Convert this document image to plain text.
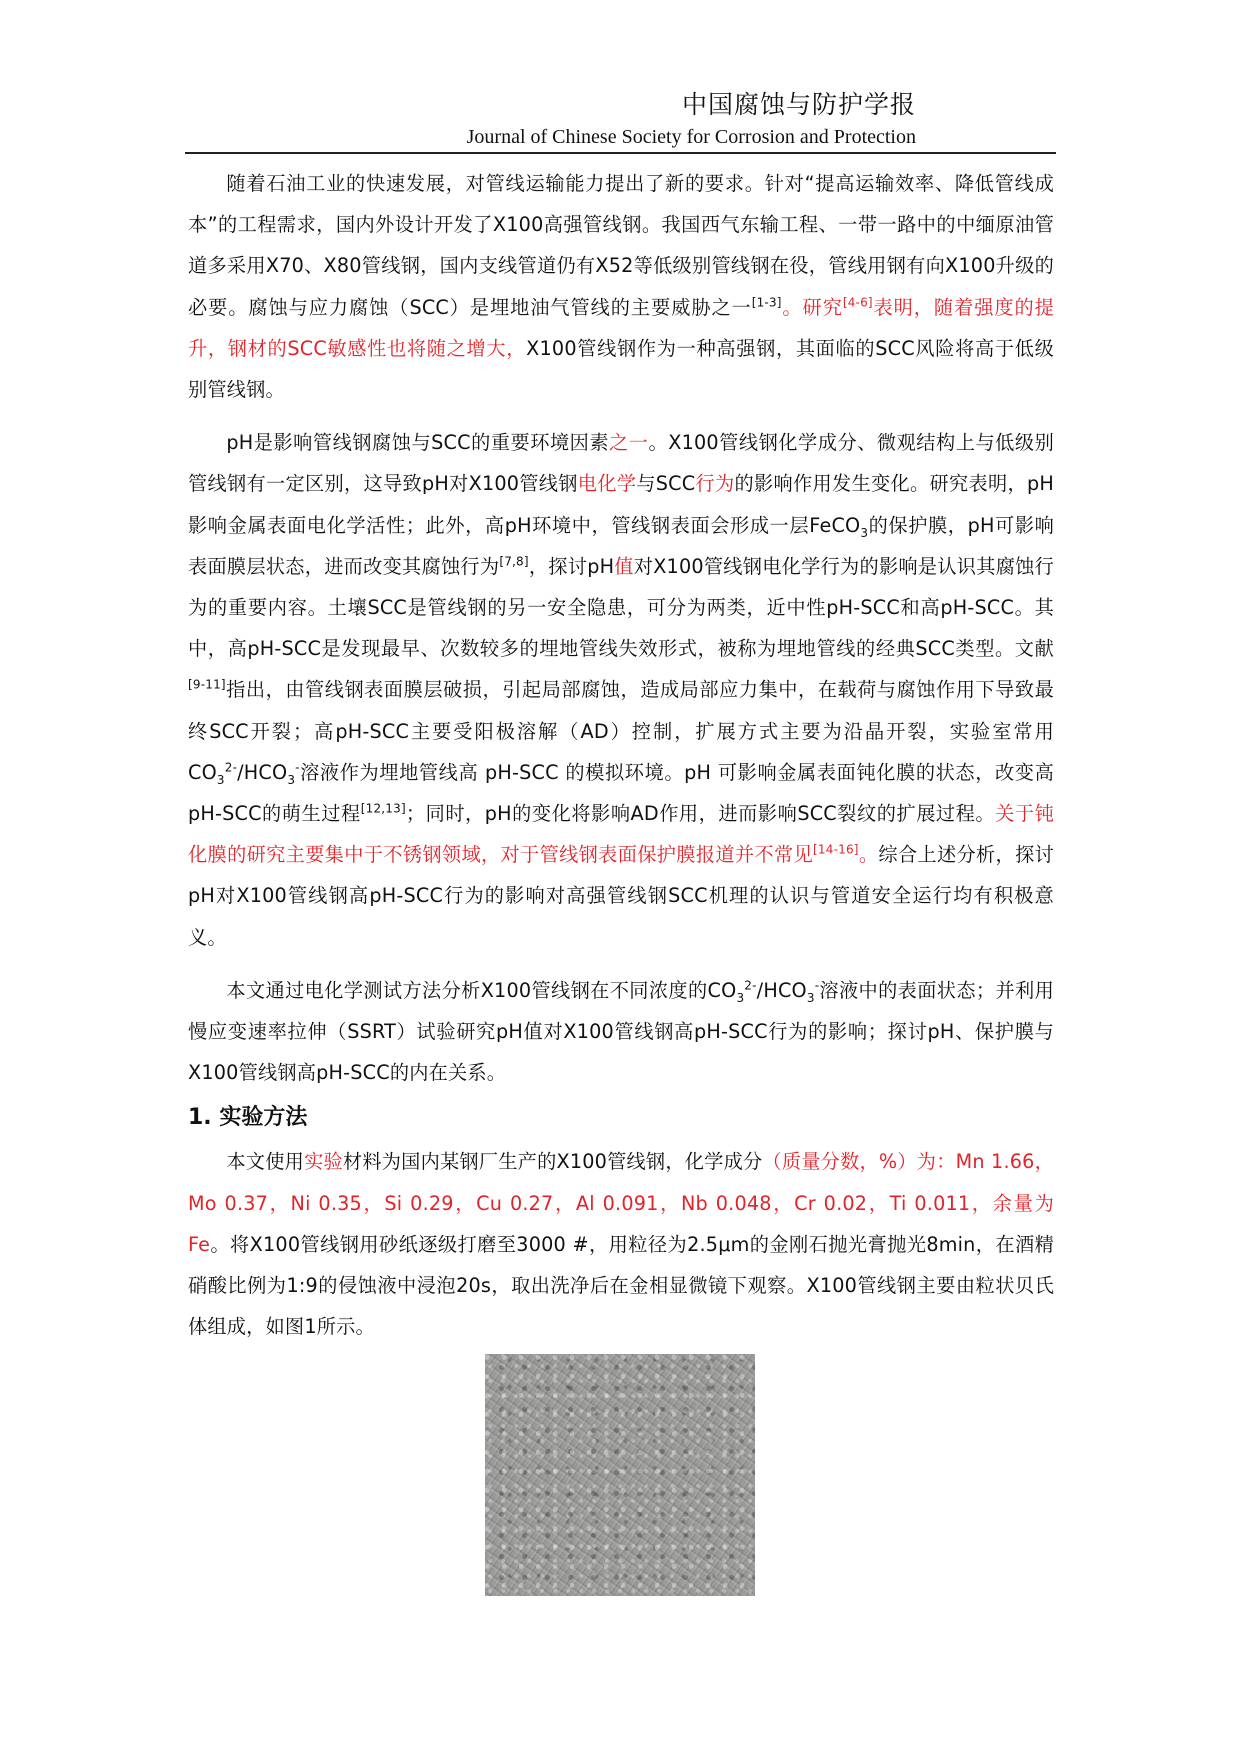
中国腐蚀与防护学报
Journal of Chinese Society for Corrosion and Protection

随着石油工业的快速发展，对管线运输能力提出了新的要求。针对“提高运输效率、降低管线成本”的工程需求，国内外设计开发了X100高强管线钢。我国西气东输工程、一带一路中的中缅原油管道多采用X70、X80管线钢，国内支线管道仍有X52等低级别管线钢在役，管线用钢有向X100升级的必要。腐蚀与应力腐蚀（SCC）是埋地油气管线的主要威胁之一[1-3]。研究[4-6]表明，随着强度的提升，钢材的SCC敏感性也将随之增大，X100管线钢作为一种高强钢，其面临的SCC风险将高于低级别管线钢。

pH是影响管线钢腐蚀与SCC的重要环境因素之一。X100管线钢化学成分、微观结构上与低级别管线钢有一定区别，这导致pH对X100管线钢电化学与SCC行为的影响作用发生变化。研究表明，pH影响金属表面电化学活性；此外，高pH环境中，管线钢表面会形成一层FeCO$_3$的保护膜，pH可影响表面膜层状态，进而改变其腐蚀行为[7,8]，探讨pH值对X100管线钢电化学行为的影响是认识其腐蚀行为的重要内容。土壤SCC是管线钢的另一安全隐患，可分为两类，近中性pH-SCC和高pH-SCC。其中，高pH-SCC是发现最早、次数较多的埋地管线失效形式，被称为埋地管线的经典SCC类型。文献[9-11]指出，由管线钢表面膜层破损，引起局部腐蚀，造成局部应力集中，在载荷与腐蚀作用下导致最终SCC开裂；高pH-SCC主要受阳极溶解（AD）控制，扩展方式主要为沿晶开裂，实验室常用$CO_3^{2-}/HCO_3^-$溶液作为埋地管线高 pH-SCC 的模拟环境。pH 可影响金属表面钝化膜的状态，改变高pH-SCC的萌生过程[12,13]；同时，pH的变化将影响AD作用，进而影响SCC裂纹的扩展过程。关于钝化膜的研究主要集中于不锈钢领域，对于管线钢表面保护膜报道并不常见[14-16]。综合上述分析，探讨pH对X100管线钢高pH-SCC行为的影响对高强管线钢SCC机理的认识与管道安全运行均有积极意义。

本文通过电化学测试方法分析X100管线钢在不同浓度的$CO_3^{2-}/HCO_3^-$溶液中的表面状态；并利用慢应变速率拉伸（SSRT）试验研究pH值对X100管线钢高pH-SCC行为的影响；探讨pH、保护膜与X100管线钢高pH-SCC的内在关系。

1. 实验方法

本文使用实验材料为国内某钢厂生产的X100管线钢，化学成分（质量分数，%）为：Mn 1.66，Mo 0.37，Ni 0.35，Si 0.29，Cu 0.27，Al 0.091，Nb 0.048，Cr 0.02，Ti 0.011，余量为Fe。将X100管线钢用砂纸逐级打磨至3000 #，用粒径为2.5μm的金刚石抛光膏抛光8min，在酒精硝酸比例为1:9的侵蚀液中浸泡20s，取出洗净后在金相显微镜下观察。X100管线钢主要由粒状贝氏体组成，如图1所示。
